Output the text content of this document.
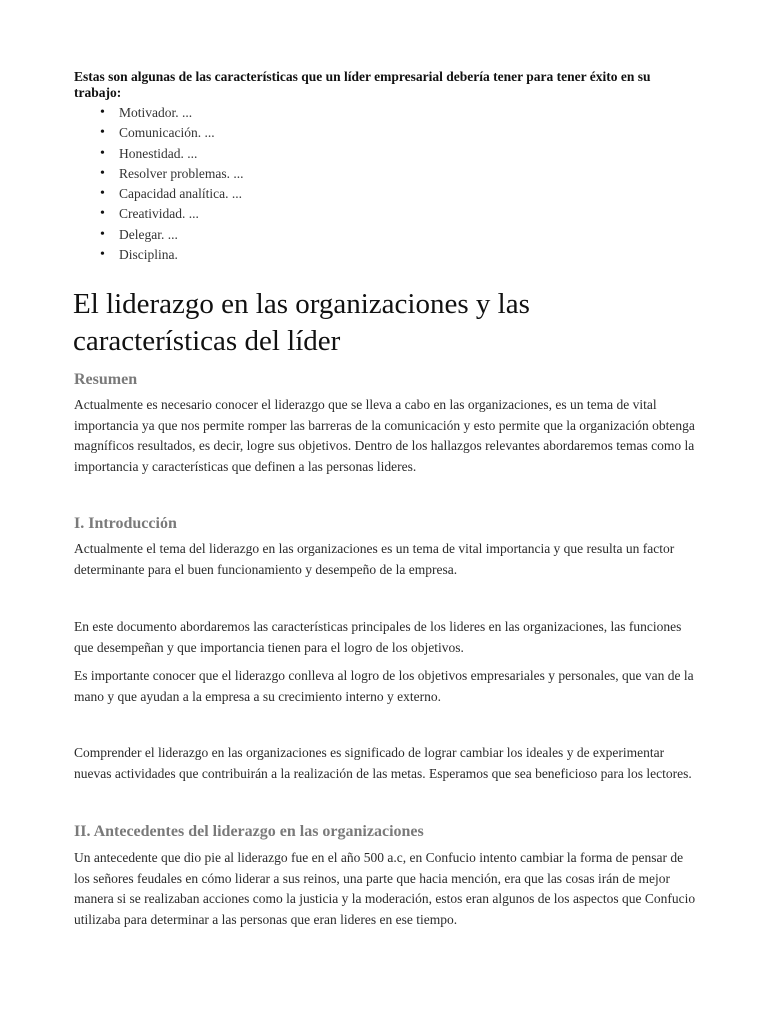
Estas son algunas de las características que un líder empresarial debería tener para tener éxito en su trabajo:
• Motivador. ...
• Comunicación. ...
• Honestidad. ...
• Resolver problemas. ...
• Capacidad analítica. ...
• Creatividad. ...
• Delegar. ...
• Disciplina.
El liderazgo en las organizaciones y las características del líder
Resumen

Actualmente es necesario conocer el liderazgo que se lleva a cabo en las organizaciones, es un tema de vital importancia ya que nos permite romper las barreras de la comunicación y esto permite que la organización obtenga magníficos resultados, es decir, logre sus objetivos. Dentro de los hallazgos relevantes abordaremos temas como la importancia y características que definen a las personas lideres.

I. Introducción

Actualmente el tema del liderazgo en las organizaciones es un tema de vital importancia y que resulta un factor determinante para el buen funcionamiento y desempeño de la empresa.

En este documento abordaremos las características principales de los lideres en las organizaciones, las funciones que desempeñan y que importancia tienen para el logro de los objetivos.

Es importante conocer que el liderazgo conlleva al logro de los objetivos empresariales y personales, que van de la mano y que ayudan a la empresa a su crecimiento interno y externo.

Comprender el liderazgo en las organizaciones es significado de lograr cambiar los ideales y de experimentar nuevas actividades que contribuirán a la realización de las metas. Esperamos que sea beneficioso para los lectores.

II. Antecedentes del liderazgo en las organizaciones

Un antecedente que dio pie al liderazgo fue en el año 500 a.c, en Confucio intento cambiar la forma de pensar de los señores feudales en cómo liderar a sus reinos, una parte que hacia mención, era que las cosas irán de mejor manera si se realizaban acciones como la justicia y la moderación, estos eran algunos de los aspectos que Confucio utilizaba para determinar a las personas que eran lideres en ese tiempo.
